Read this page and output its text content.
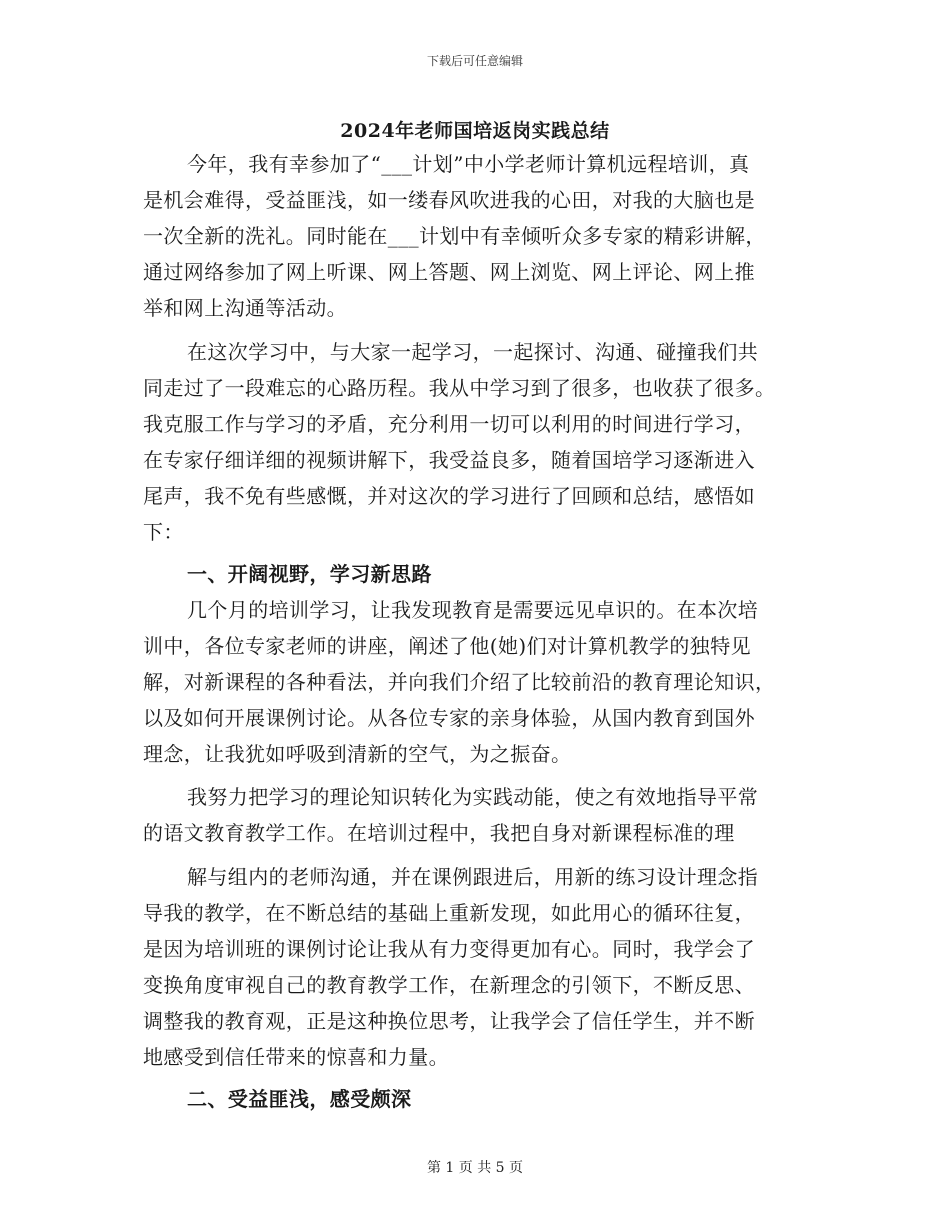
下载后可任意编辑
2024年老师国培返岗实践总结
今年，我有幸参加了“___计划”中小学老师计算机远程培训，真
是机会难得，受益匪浅，如一缕春风吹进我的心田，对我的大脑也是
一次全新的洗礼。同时能在___计划中有幸倾听众多专家的精彩讲解，
通过网络参加了网上听课、网上答题、网上浏览、网上评论、网上推
举和网上沟通等活动。
在这次学习中，与大家一起学习，一起探讨、沟通、碰撞我们共
同走过了一段难忘的心路历程。我从中学习到了很多，也收获了很多。
我克服工作与学习的矛盾，充分利用一切可以利用的时间进行学习，
在专家仔细详细的视频讲解下，我受益良多，随着国培学习逐渐进入
尾声，我不免有些感慨，并对这次的学习进行了回顾和总结，感悟如
下：
一、开阔视野，学习新思路
几个月的培训学习，让我发现教育是需要远见卓识的。在本次培
训中，各位专家老师的讲座，阐述了他(她)们对计算机教学的独特见
解，对新课程的各种看法，并向我们介绍了比较前沿的教育理论知识，
以及如何开展课例讨论。从各位专家的亲身体验，从国内教育到国外
理念，让我犹如呼吸到清新的空气，为之振奋。
我努力把学习的理论知识转化为实践动能，使之有效地指导平常
的语文教育教学工作。在培训过程中，我把自身对新课程标准的理
解与组内的老师沟通，并在课例跟进后，用新的练习设计理念指
导我的教学，在不断总结的基础上重新发现，如此用心的循环往复，
是因为培训班的课例讨论让我从有力变得更加有心。同时，我学会了
变换角度审视自己的教育教学工作，在新理念的引领下，不断反思、
调整我的教育观，正是这种换位思考，让我学会了信任学生，并不断
地感受到信任带来的惊喜和力量。
二、受益匪浅，感受颇深
第 1 页 共 5 页
